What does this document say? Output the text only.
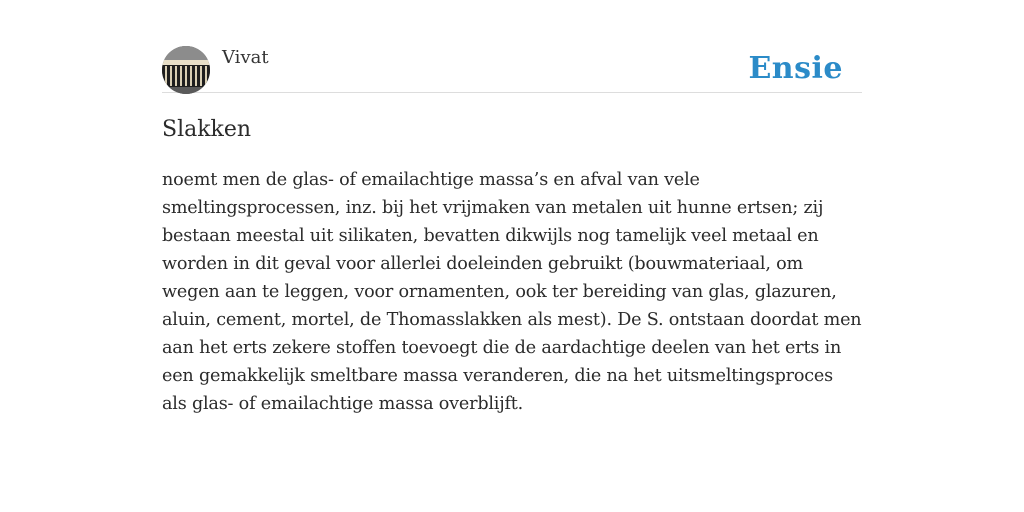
Vivat	Ensie
Slakken

noemt men de glas- of emailachtige massa’s en afval van vele smeltingsprocessen, inz. bij het vrijmaken van metalen uit hunne ertsen; zij bestaan meestal uit silikaten, bevatten dikwijls nog tamelijk veel metaal en worden in dit geval voor allerlei doeleinden gebruikt (bouwmateriaal, om wegen aan te leggen, voor ornamenten, ook ter bereiding van glas, glazuren, aluin, cement, mortel, de Thomasslakken als mest). De S. ontstaan doordat men aan het erts zekere stoffen toevoegt die de aardachtige deelen van het erts in een gemakkelijk smeltbare massa veranderen, die na het uitsmeltingsproces als glas- of emailachtige massa overblijft.
